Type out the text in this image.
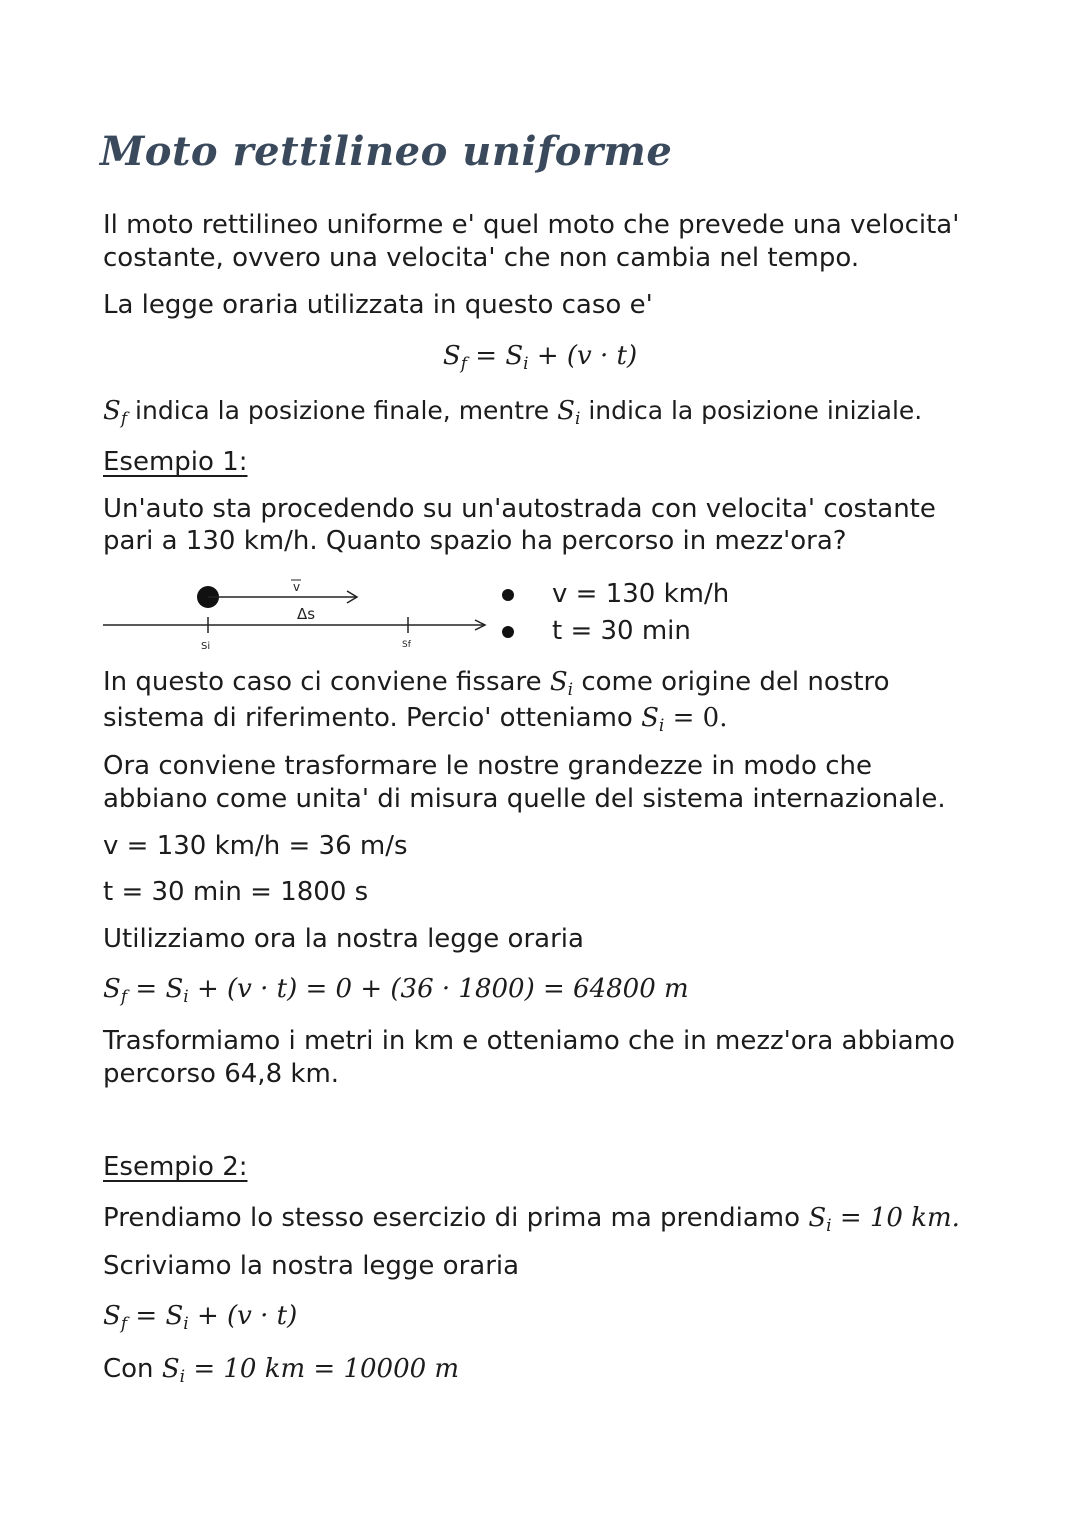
Moto rettilineo uniforme
Il moto rettilineo uniforme e' quel moto che prevede una velocita'
costante, ovvero una velocita' che non cambia nel tempo.
La legge oraria utilizzata in questo caso e'
$S_f = S_i + (v \cdot t)$
$S_f$ indica la posizione finale, mentre $S_i$ indica la posizione iniziale.
Esempio 1:
Un'auto sta procedendo su un'autostrada con velocita' costante
pari a 130 km/h. Quanto spazio ha percorso in mezz'ora?
v
Δs
Si	Sf
v = 130 km/h
t = 30 min
In questo caso ci conviene fissare $S_i$ come origine del nostro
sistema di riferimento. Percio' otteniamo $S_i = 0$.
Ora conviene trasformare le nostre grandezze in modo che
abbiano come unita' di misura quelle del sistema internazionale.
v = 130 km/h = 36 m/s
t = 30 min = 1800 s
Utilizziamo ora la nostra legge oraria
$S_f = S_i + (v \cdot t) = 0 + (36 \cdot 1800) = 64800$ m
Trasformiamo i metri in km e otteniamo che in mezz'ora abbiamo
percorso 64,8 km.
Esempio 2:
Prendiamo lo stesso esercizio di prima ma prendiamo $S_i = 10$ km.
Scriviamo la nostra legge oraria
$S_f = S_i + (v \cdot t)$
Con $S_i = 10$ km = 10000 m
